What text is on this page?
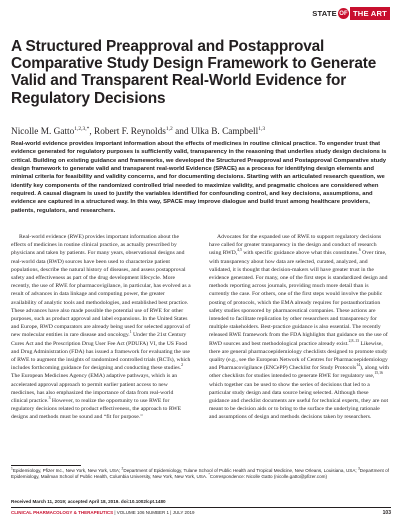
STATE OF THE ART
A Structured Preapproval and Postapproval Comparative Study Design Framework to Generate Valid and Transparent Real-World Evidence for Regulatory Decisions
Nicolle M. Gatto$^{1,2,3,*}$, Robert F. Reynolds$^{1,2}$ and Ulka B. Campbell$^{1,3}$

Real-world evidence provides important information about the effects of medicines in routine clinical practice. To engender trust that evidence generated for regulatory purposes is sufficiently valid, transparency in the reasoning that underlies study design decisions is critical. Building on existing guidance and frameworks, we developed the Structured Preapproval and Postapproval Comparative study design framework to generate valid and transparent real-world Evidence (SPACE) as a process for identifying design elements and minimal criteria for feasibility and validity concerns, and for documenting decisions. Starting with an articulated research question, we identify key components of the randomized controlled trial needed to maximize validity, and pragmatic choices are considered when required. A causal diagram is used to justify the variables identified for confounding control, and key decisions, assumptions, and evidence are captured in a structured way. In this way, SPACE may improve dialogue and build trust among healthcare providers, patients, regulators, and researchers.

Real-world evidence (RWE) provides important information about the effects of medicines in routine clinical practice, as actually prescribed by physicians and taken by patients. For many years, observational designs and real-world data (RWD) sources have been used to characterize patient populations, describe the natural history of diseases, and assess postapproval safety and effectiveness as part of the drug development lifecycle. More recently, the use of RWE for pharmacovigilance, in particular, has evolved as a result of advances in data linkage and computing power, the greater availability of analytic tools and methodologies, and established best practice. These advances have also made possible the potential use of RWE for other purposes, such as product approval and label expansions. In the United States and Europe, RWD comparators are already being used for selected approval of new molecular entities in rare disease and oncology.$^1$ Under the 21st Century Cures Act and the Prescription Drug User Fee Act (PDUFA) VI, the US Food and Drug Administration (FDA) has issued a framework for evaluating the use of RWE to augment the insights of randomized controlled trials (RCTs), which includes forthcoming guidance for designing and conducting these studies.$^2$ The European Medicines Agency (EMA) adaptive pathways, which is an accelerated approval approach to permit earlier patient access to new medicines, has also emphasized the importance of data from real-world clinical practice.$^3$ However, to realize the opportunity to use RWE for regulatory decisions related to product effectiveness, the approach to RWE designs and methods must be sound and “fit for purpose.”

Advocates for the expanded use of RWE to support regulatory decisions have called for greater transparency in the design and conduct of research using RWD,$^{4,5}$ with specific guidance above what this constitutes.$^6$ Over time, with transparency about how data are selected, curated, analyzed, and validated, it is thought that decision-makers will have greater trust in the evidence generated. For many, one of the first steps is standardized design and methods reporting across journals, providing much more detail than is currently the case. For others, one of the first steps would involve the public posting of protocols, which the EMA already requires for postauthorization safety studies sponsored by pharmaceutical companies. These actions are intended to facilitate replication by other researchers and transparency for multiple stakeholders. Best-practice guidance is also essential. The recently released RWE framework from the FDA highlights that guidance on the use of RWD sources and best methodological practice already exist.$^{2,8-13}$ Likewise, there are general pharmacoepidemiology checklists designed to promote study quality (e.g., see the European Network of Centres for Pharmacoepidemiology and Pharmacovigilance (ENCePP) Checklist for Study Protocols$^{14}$), along with other checklists for studies intended to generate RWE for regulatory use,$^{15,16}$ which together can be used to show the series of decisions that led to a particular study design and data source being selected. Although these guidance and checklist documents are useful for technical experts, they are not meant to be decision aids or to bring to the surface the underlying rationale and assumptions of design and methods decisions taken by researchers.

$^1$Epidemiology, Pfizer Inc., New York, New York, USA; $^2$Department of Epidemiology, Tulane School of Public Health and Tropical Medicine, New Orleans, Louisiana, USA; $^3$Department of Epidemiology, Mailman School of Public Health, Columbia University, New York, New York, USA. *Correspondence: Nicolle Gatto (nicolle.gatto@pfizer.com)

Received March 11, 2019; accepted April 18, 2019. doi:10.1002/cpt.1480

CLINICAL PHARMACOLOGY & THERAPEUTICS | VOLUME 106 NUMBER 1 | JULY 2019	103
